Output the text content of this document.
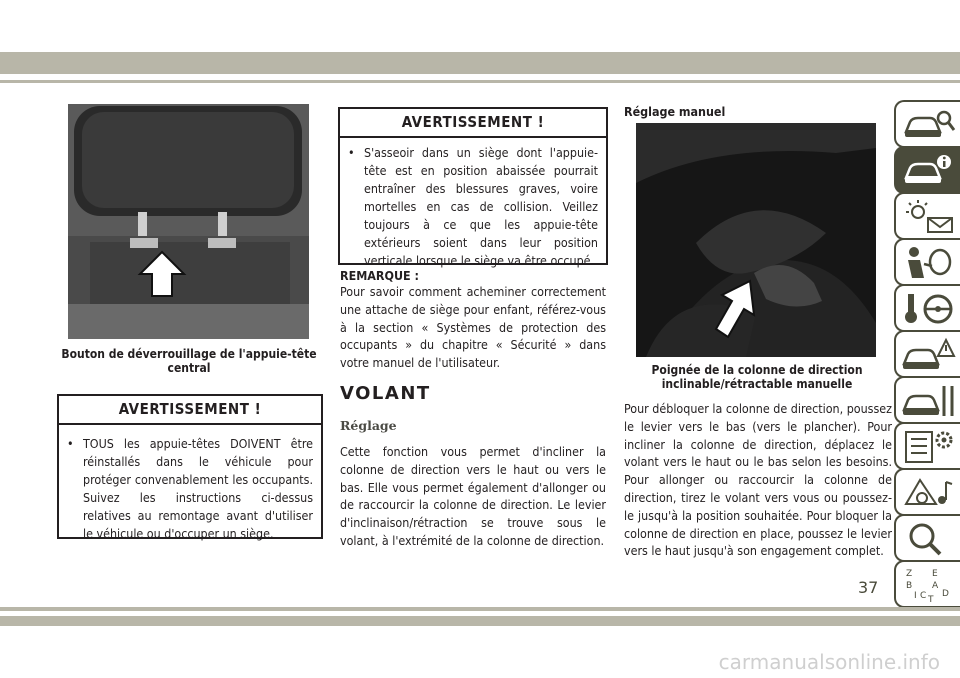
Bouton de déverrouillage de l'appuie-tête
central
AVERTISSEMENT !
• TOUS les appuie-têtes DOIVENT être réinstallés dans le véhicule pour protéger convenablement les occupants. Suivez les instructions ci-dessus relatives au remontage avant d'utiliser le véhicule ou d'occuper un siège.
AVERTISSEMENT !
• S'asseoir dans un siège dont l'appuie-tête est en position abaissée pourrait entraîner des blessures graves, voire mortelles en cas de collision. Veillez toujours à ce que les appuie-tête extérieurs soient dans leur position verticale lorsque le siège va être occupé.
REMARQUE :
Pour savoir comment acheminer correctement une attache de siège pour enfant, référez-vous à la section « Systèmes de protection des occupants » du chapitre « Sécurité » dans votre manuel de l'utilisateur.
VOLANT
Réglage
Cette fonction vous permet d'incliner la colonne de direction vers le haut ou vers le bas. Elle vous permet également d'allonger ou de raccourcir la colonne de direction. Le levier d'inclinaison/rétraction se trouve sous le volant, à l'extrémité de la colonne de direction.
Réglage manuel
Poignée de la colonne de direction
inclinable/rétractable manuelle
Pour débloquer la colonne de direction, poussez le levier vers le bas (vers le plancher). Pour incliner la colonne de direction, déplacez le volant vers le haut ou le bas selon les besoins. Pour allonger ou raccourcir la colonne de direction, tirez le volant vers vous ou poussez-le jusqu'à la position souhaitée. Pour bloquer la colonne de direction en place, poussez le levier vers le haut jusqu'à son engagement complet.
Z E
B A
D
I C T
37
carmanualsonline.info
